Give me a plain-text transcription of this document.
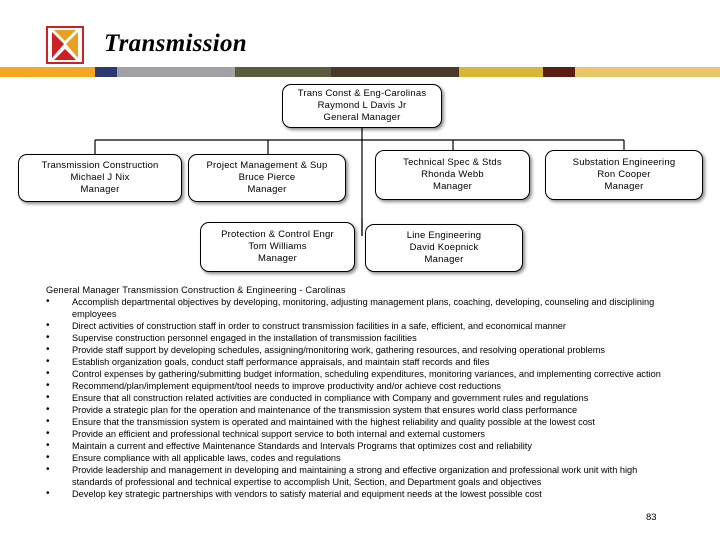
Transmission
Trans Const & Eng-Carolinas
Raymond L Davis Jr
General Manager
Transmission Construction
Michael J Nix
Manager
Project Management & Sup
Bruce Pierce
Manager
Technical Spec & Stds
Rhonda Webb
Manager
Substation Engineering
Ron Cooper
Manager
Protection & Control Engr
Tom Williams
Manager
Line Engineering
David Koepnick
Manager
General Manager Transmission Construction & Engineering - Carolinas
• Accomplish departmental objectives by developing, monitoring, adjusting management plans, coaching, developing, counseling and disciplining employees
• Direct activities of construction staff in order to construct transmission facilities in a safe, efficient, and economical manner
• Supervise construction personnel engaged in the installation of transmission facilities
• Provide staff support by developing schedules, assigning/monitoring work, gathering resources, and resolving operational problems
• Establish organization goals, conduct staff performance appraisals, and maintain staff records and files
• Control expenses by gathering/submitting budget information, scheduling expenditures, monitoring variances, and implementing corrective action
• Recommend/plan/implement equipment/tool needs to improve productivity and/or achieve cost reductions
• Ensure that all construction related activities are conducted in compliance with Company and government rules and regulations
• Provide a strategic plan for the operation and maintenance of the transmission system that ensures world class performance
• Ensure that the transmission system is operated and maintained with the highest reliability and quality possible at the lowest cost
• Provide an efficient and professional technical support service to both internal and external customers
• Maintain a current and effective Maintenance Standards and Intervals Programs that optimizes cost and reliability
• Ensure compliance with all applicable laws, codes and regulations
• Provide leadership and management in developing and maintaining a strong and effective organization and professional work unit with high standards of professional and technical expertise to accomplish Unit, Section, and Department goals and objectives
• Develop key strategic partnerships with vendors to satisfy material and equipment needs at the lowest possible cost
83
